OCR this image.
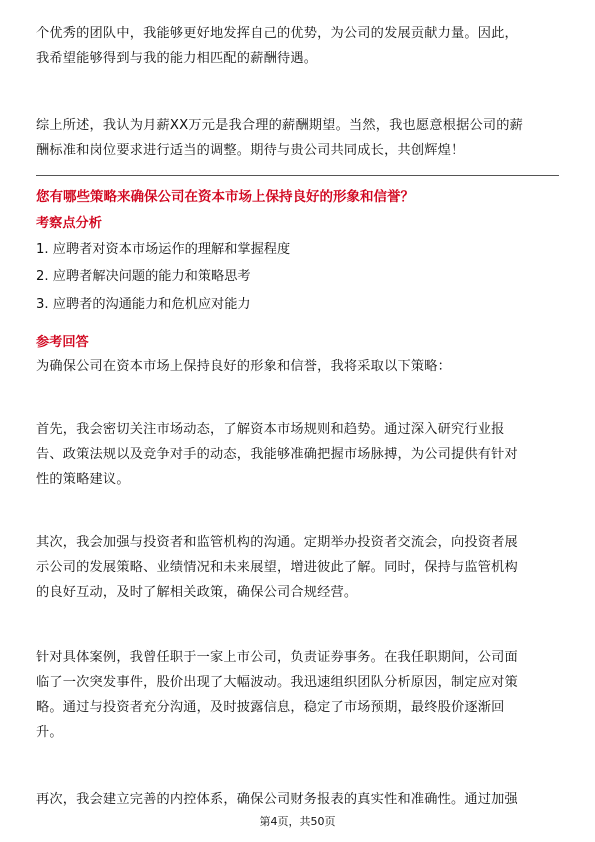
个优秀的团队中，我能够更好地发挥自己的优势，为公司的发展贡献力量。因此，
我希望能够得到与我的能力相匹配的薪酬待遇。
综上所述，我认为月薪XX万元是我合理的薪酬期望。当然，我也愿意根据公司的薪
酬标准和岗位要求进行适当的调整。期待与贵公司共同成长，共创辉煌！
您有哪些策略来确保公司在资本市场上保持良好的形象和信誉？
考察点分析
1. 应聘者对资本市场运作的理解和掌握程度
2. 应聘者解决问题的能力和策略思考
3. 应聘者的沟通能力和危机应对能力
参考回答
为确保公司在资本市场上保持良好的形象和信誉，我将采取以下策略：
首先，我会密切关注市场动态，了解资本市场规则和趋势。通过深入研究行业报
告、政策法规以及竞争对手的动态，我能够准确把握市场脉搏，为公司提供有针对
性的策略建议。
其次，我会加强与投资者和监管机构的沟通。定期举办投资者交流会，向投资者展
示公司的发展策略、业绩情况和未来展望，增进彼此了解。同时，保持与监管机构
的良好互动，及时了解相关政策，确保公司合规经营。
针对具体案例，我曾任职于一家上市公司，负责证券事务。在我任职期间，公司面
临了一次突发事件，股价出现了大幅波动。我迅速组织团队分析原因，制定应对策
略。通过与投资者充分沟通，及时披露信息，稳定了市场预期，最终股价逐渐回
升。
再次，我会建立完善的内控体系，确保公司财务报表的真实性和准确性。通过加强
第4页，共50页
